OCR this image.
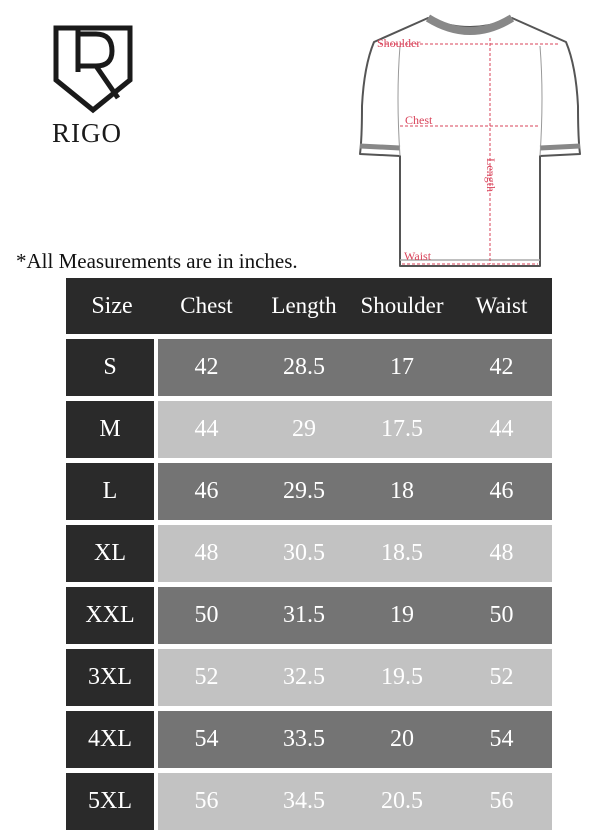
RIGO
Shoulder
Chest
Length
Waist
*All Measurements are in inches.
Size	Chest	Length	Shoulder	Waist
S	42	28.5	17	42
M	44	29	17.5	44
L	46	29.5	18	46
XL	48	30.5	18.5	48
XXL	50	31.5	19	50
3XL	52	32.5	19.5	52
4XL	54	33.5	20	54
5XL	56	34.5	20.5	56
